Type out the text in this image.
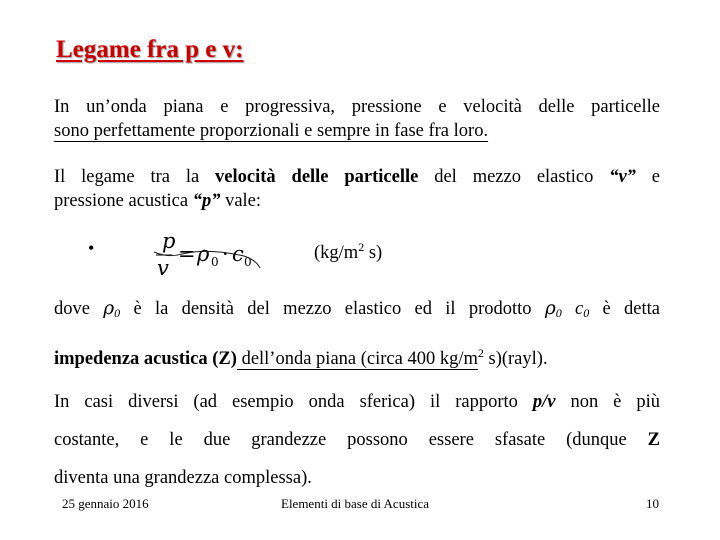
Legame fra p e v:
In un’onda piana e progressiva, pressione e velocità delle particelle
sono perfettamente proporzionali e sempre in fase fra loro.
Il legame tra la velocità delle particelle del mezzo elastico “v” e
pressione acustica “p” vale:
•	p
v
= ρ 0 · c 0	($kg/m^2$ s)
dove $\rho_0$ è la densità del mezzo elastico ed il prodotto $\rho_0$ $c_0$ è detta
impedenza acustica (Z) dell’onda piana (circa 400 $kg/m^2$ s)(rayl).
In casi diversi (ad esempio onda sferica) il rapporto p/v non è più
costante, e le due grandezze possono essere sfasate (dunque Z
diventa una grandezza complessa).
25 gennaio 2016	Elementi di base di Acustica	10
